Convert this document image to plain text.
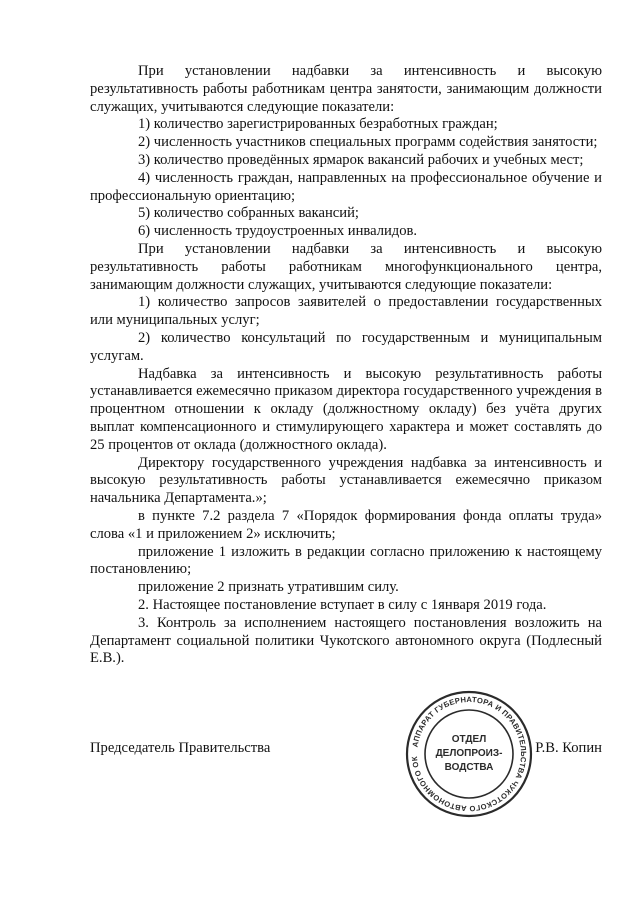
При установлении надбавки за интенсивность и высокую результативность работы работникам центра занятости, занимающим должности служащих, учитываются следующие показатели:

1) количество зарегистрированных безработных граждан;

2) численность участников специальных программ содействия занятости;

3) количество проведённых ярмарок вакансий рабочих и учебных мест;

4) численность граждан, направленных на профессиональное обучение и профессиональную ориентацию;

5) количество собранных вакансий;

6) численность трудоустроенных инвалидов.

При установлении надбавки за интенсивность и высокую результативность работы работникам многофункционального центра, занимающим должности служащих, учитываются следующие показатели:

1) количество запросов заявителей о предоставлении государственных или муниципальных услуг;

2) количество консультаций по государственным и муниципальным услугам.

Надбавка за интенсивность и высокую результативность работы устанавливается ежемесячно приказом директора государственного учреждения в процентном отношении к окладу (должностному окладу) без учёта других выплат компенсационного и стимулирующего характера и может составлять до 25 процентов от оклада (должностного оклада).

Директору государственного учреждения надбавка за интенсивность и высокую результативность работы устанавливается ежемесячно приказом начальника Департамента.»;

в пункте 7.2 раздела 7 «Порядок формирования фонда оплаты труда» слова «1 и приложением 2» исключить;

приложение 1 изложить в редакции согласно приложению к настоящему постановлению;

приложение 2 признать утратившим силу.

2. Настоящее постановление вступает в силу с 1января 2019 года.

3. Контроль за исполнением настоящего постановления возложить на Департамент социальной политики Чукотского автономного округа (Подлесный Е.В.).

Председатель Правительства	Р.В. Копин
АППАРАТ ГУБЕРНАТОРА И ПРАВИТЕЛЬСТВА ЧУКОТСКОГО АВТОНОМНОГО ОК
ОТДЕЛ
ДЕЛОПРОИЗ-
ВОДСТВА
